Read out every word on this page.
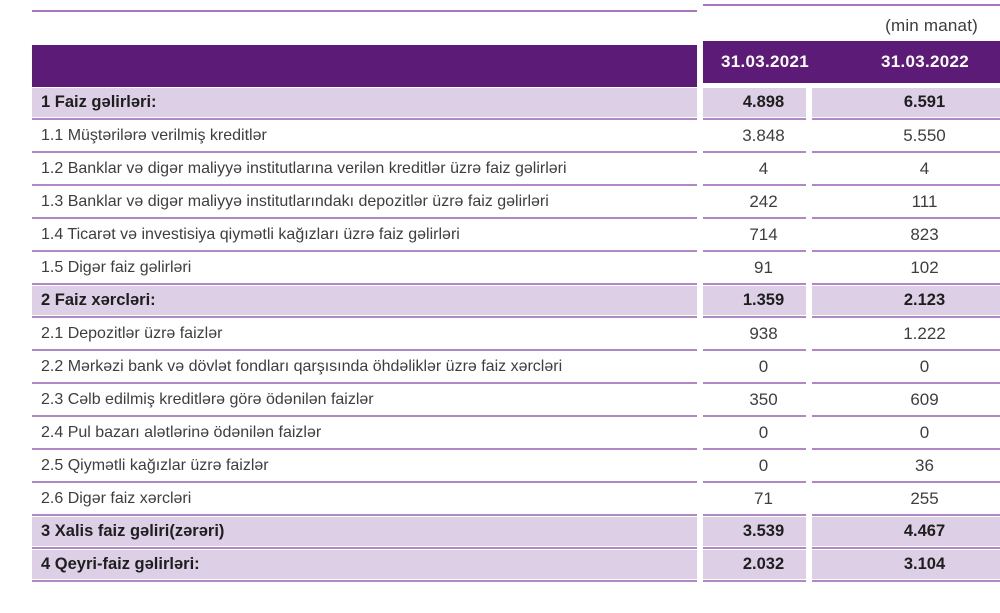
(min manat)
31.03.2021	31.03.2022
1 Faiz gəlirləri:
1.1 Müştərilərə verilmiş kreditlər
1.2 Banklar və digər maliyyə institutlarına verilən kreditlər üzrə faiz gəlirləri
1.3 Banklar və digər maliyyə institutlarındakı depozitlər üzrə faiz gəlirləri
1.4 Ticarət və investisiya qiymətli kağızları üzrə faiz gəlirləri
1.5 Digər faiz gəlirləri
2 Faiz xərcləri:
2.1 Depozitlər üzrə faizlər
2.2 Mərkəzi bank və dövlət fondları qarşısında öhdəliklər üzrə faiz xərcləri
2.3 Cəlb edilmiş kreditlərə görə ödənilən faizlər
2.4 Pul bazarı alətlərinə ödənilən faizlər
2.5 Qiymətli kağızlar üzrə faizlər
2.6 Digər faiz xərcləri
3 Xalis faiz gəliri(zərəri)
4 Qeyri-faiz gəlirləri:
4.898
3.848
4
242
714
91
1.359
938
0
350
0
0
71
3.539
2.032
6.591
5.550
4
111
823
102
2.123
1.222
0
609
0
36
255
4.467
3.104
